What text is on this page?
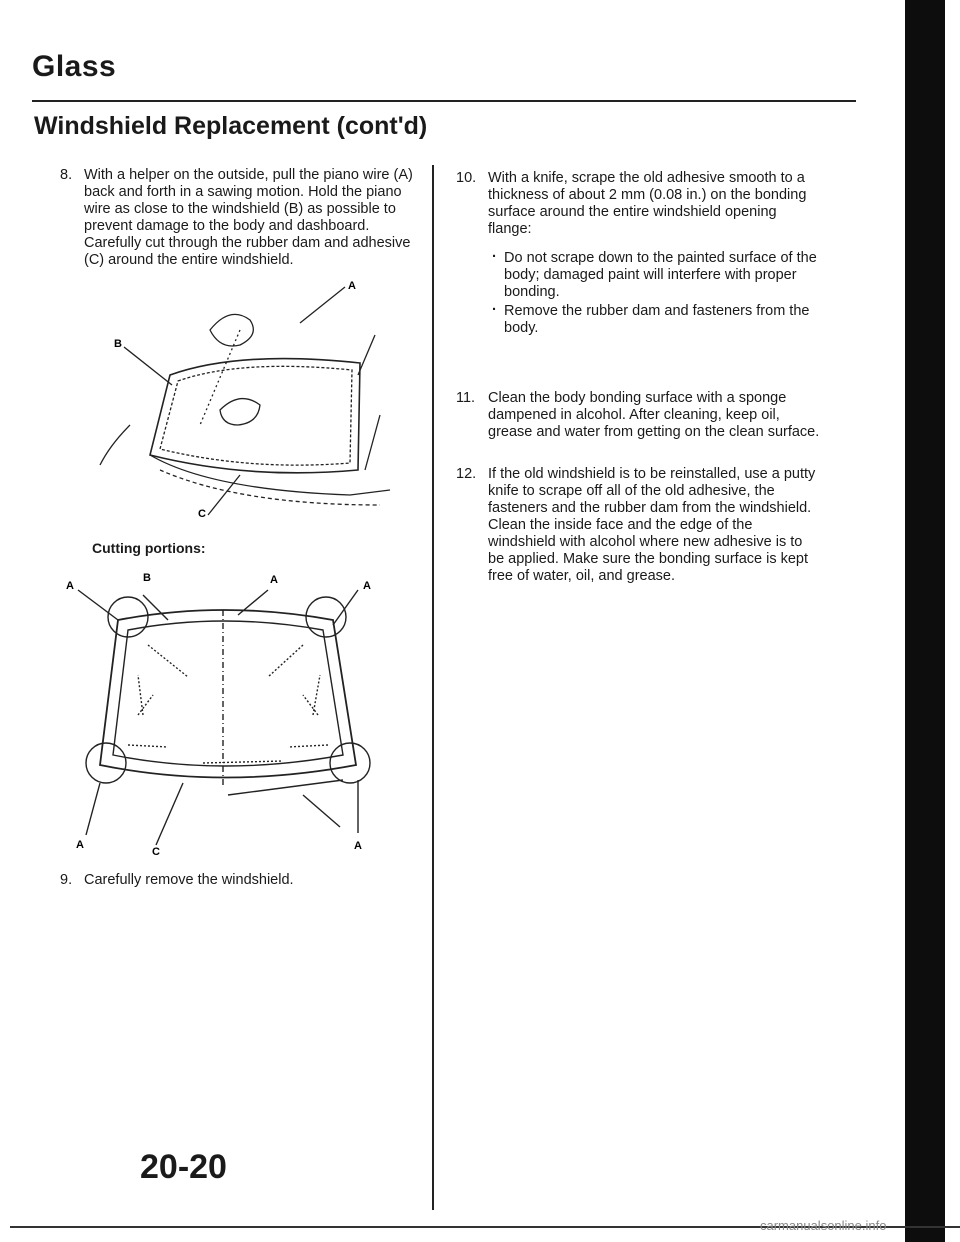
Glass
Windshield Replacement (cont'd)
8. With a helper on the outside, pull the piano wire (A)
back and forth in a sawing motion. Hold the piano
wire as close to the windshield (B) as possible to
prevent damage to the body and dashboard.
Carefully cut through the rubber dam and adhesive
(C) around the entire windshield.
B
A
C
Cutting portions:
A
B	A	A
A
C	A
9. Carefully remove the windshield.
10. With a knife, scrape the old adhesive smooth to a
thickness of about 2 mm (0.08 in.) on the bonding
surface around the entire windshield opening
flange:
· Do not scrape down to the painted surface of the
body; damaged paint will interfere with proper
bonding.
· Remove the rubber dam and fasteners from the
body.
11. Clean the body bonding surface with a sponge
dampened in alcohol. After cleaning, keep oil,
grease and water from getting on the clean surface.
12. If the old windshield is to be reinstalled, use a putty
knife to scrape off all of the old adhesive, the
fasteners and the rubber dam from the windshield.
Clean the inside face and the edge of the
windshield with alcohol where new adhesive is to
be applied. Make sure the bonding surface is kept
free of water, oil, and grease.
20-20
carmanualsonline.info
